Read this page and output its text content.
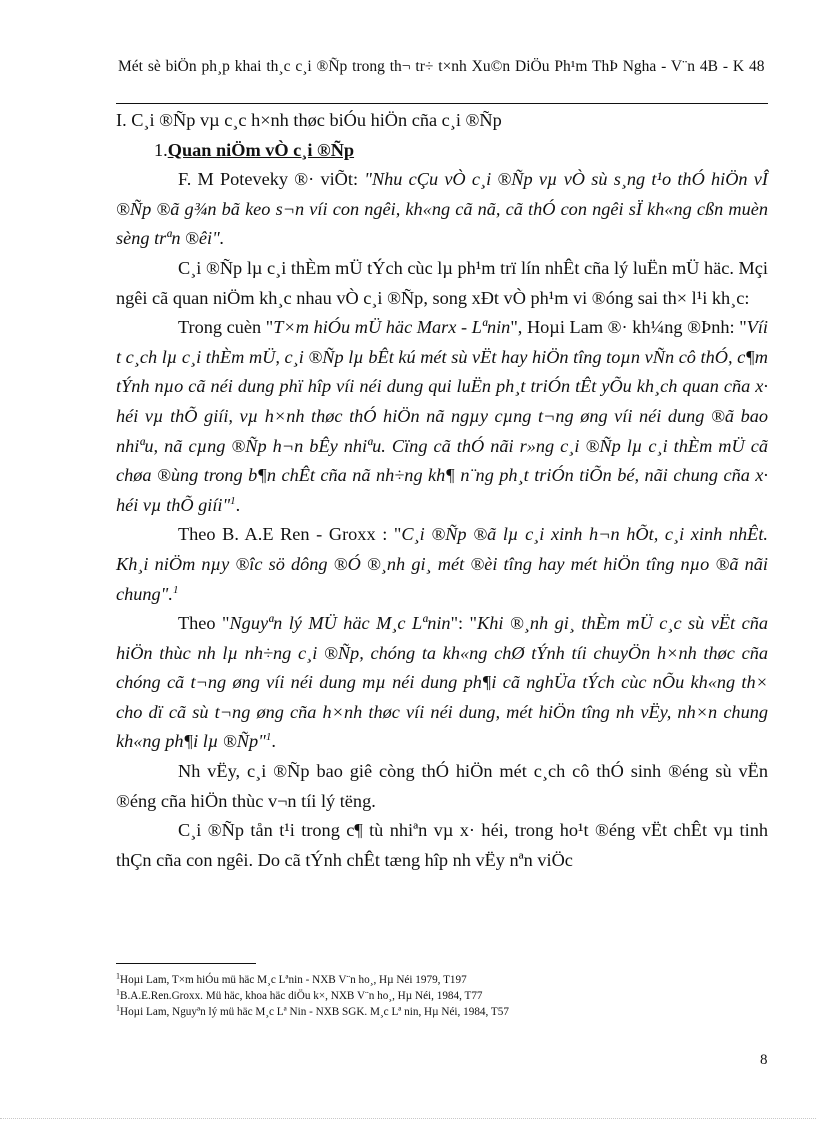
Mét sè biÖn ph¸p khai th¸c c¸i ®Ñp trong th¬ tr÷ t×nh Xu©n DiÖu Ph¹m ThÞ Ngha - V¨n 4B - K 48

I. C¸i ®Ñp vµ c¸c h×nh thøc biÓu hiÖn cña c¸i ®Ñp

1.Quan niÖm vÒ c¸i ®Ñp

F. M Poteveky ®· viÕt: "Nhu cÇu vÒ c¸i ®Ñp vµ vÒ sù s¸ng t¹o thÓ hiÖn vÎ ®Ñp ®ã g¾n bã keo s¬n víi con ngêi, kh«ng cã nã, cã thÓ con ngêi sÏ kh«ng cßn muèn sèng trªn ®êi".

C¸i ®Ñp lµ c¸i thÈm mÜ tÝch cùc lµ ph¹m trï lín nhÊt cña lý luËn mÜ häc. Mçi ngêi cã quan niÖm kh¸c nhau vÒ c¸i ®Ñp, song xÐt vÒ ph¹m vi ®óng sai th× l¹i kh¸c:

Trong cuèn "T×m hiÓu mÜ häc Marx - Lªnin", Hoµi Lam ®· kh¼ng ®Þnh: "Víi t c¸ch lµ c¸i thÈm mÜ, c¸i ®Ñp lµ bÊt kú mét sù vËt hay hiÖn tîng toµn vÑn cô thÓ, c¶m tÝnh nµo cã néi dung phï hîp víi néi dung qui luËn ph¸t triÓn tÊt yÕu kh¸ch quan cña x· héi vµ thÕ giíi, vµ h×nh thøc thÓ hiÖn nã ngµy cµng t¬ng øng víi néi dung ®ã bao nhiªu, nã cµng ®Ñp h¬n bÊy nhiªu. Cïng cã thÓ nãi r»ng c¸i ®Ñp lµ c¸i thÈm mÜ cã chøa ®ùng trong b¶n chÊt cña nã nh÷ng kh¶ n¨ng ph¸t triÓn tiÕn bé, nãi chung cña x· héi vµ thÕ giíi"$^1$.

Theo B. A.E Ren - Groxx : "C¸i ®Ñp ®ã lµ c¸i xinh h¬n hÕt, c¸i xinh nhÊt. Kh¸i niÖm nµy ®îc sö dông ®Ó ®¸nh gi¸ mét ®èi tîng hay mét hiÖn tîng nµo ®ã nãi chung".$^1$

Theo "Nguyªn lý MÜ häc M¸c Lªnin": "Khi ®¸nh gi¸ thÈm mÜ c¸c sù vËt cña hiÖn thùc nh lµ nh÷ng c¸i ®Ñp, chóng ta kh«ng chØ tÝnh tíi chuyÖn h×nh thøc cña chóng cã t¬ng øng víi néi dung mµ néi dung ph¶i cã nghÜa tÝch cùc nÕu kh«ng th× cho dï cã sù t¬ng øng cña h×nh thøc víi néi dung, mét hiÖn tîng nh vËy, nh×n chung kh«ng ph¶i lµ ®Ñp"$^1$.

Nh vËy, c¸i ®Ñp bao giê còng thÓ hiÖn mét c¸ch cô thÓ sinh ®éng sù vËn ®éng cña hiÖn thùc v¬n tíi lý tëng.

C¸i ®Ñp tån t¹i trong c¶ tù nhiªn vµ x· héi, trong ho¹t ®éng vËt chÊt vµ tinh thÇn cña con ngêi. Do cã tÝnh chÊt tæng hîp nh vËy nªn viÖc

$^1$Hoµi Lam, T×m hiÓu mü häc M¸c Lªnin - NXB V¨n ho¸, Hµ Néi 1979, T197

$^1$B.A.E.Ren.Groxx. Mü häc, khoa häc diÖu k×, NXB V¨n ho¸, Hµ Néi, 1984, T77

$^1$Hoµi Lam, Nguyªn lý mü häc M¸c Lª Nin - NXB SGK. M¸c Lª nin, Hµ Néi, 1984, T57

8
